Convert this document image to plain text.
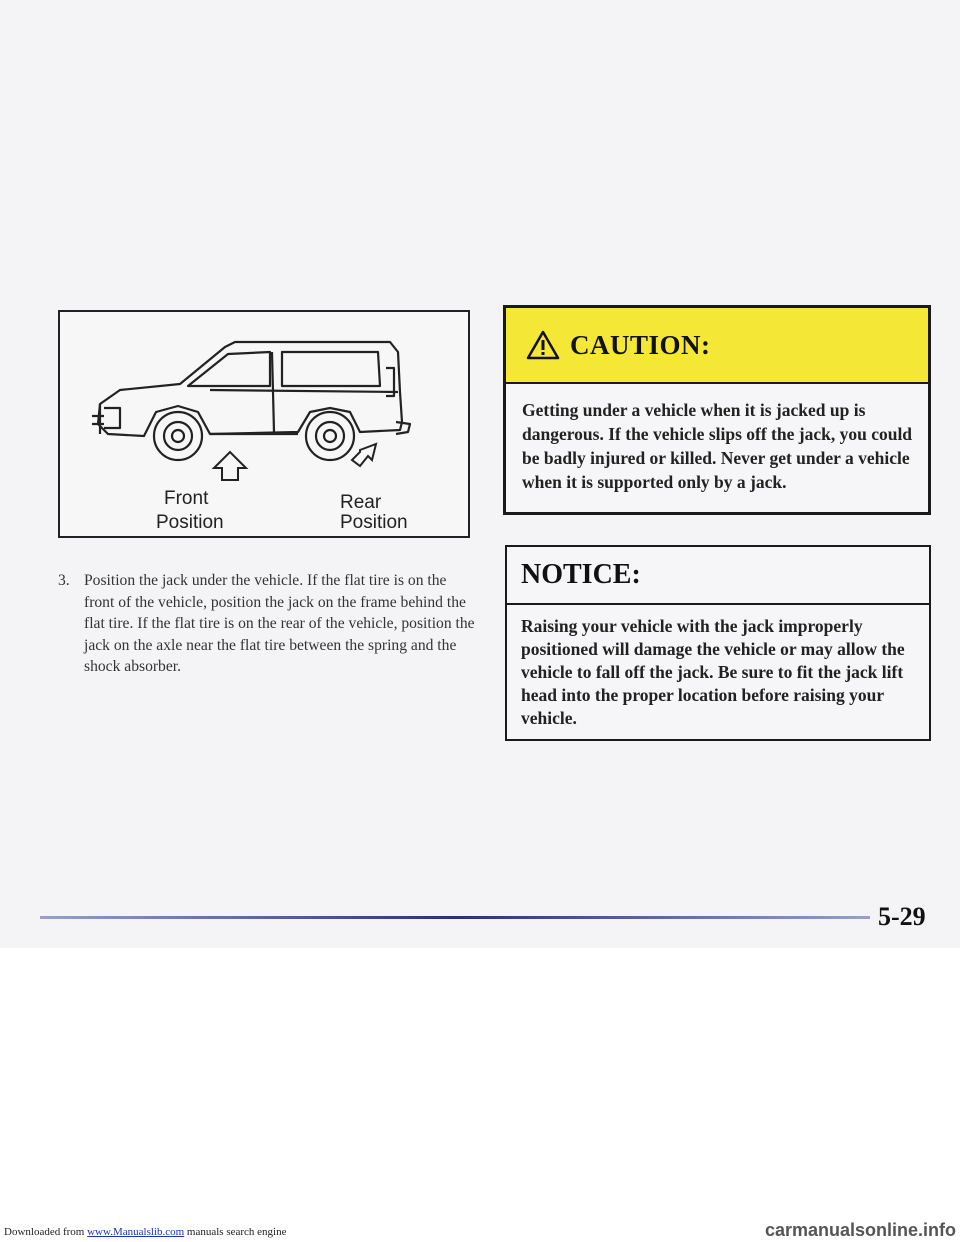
Front
Position
Rear
Position
3. Position the jack under the vehicle. If the flat tire is on the front of the vehicle, position the jack on the frame behind the flat tire. If the flat tire is on the rear of the vehicle, position the jack on the axle near the flat tire between the spring and the shock absorber.
CAUTION:
Getting under a vehicle when it is jacked up is dangerous. If the vehicle slips off the jack, you could be badly injured or killed. Never get under a vehicle when it is supported only by a jack.
NOTICE:
Raising your vehicle with the jack improperly positioned will damage the vehicle or may allow the vehicle to fall off the jack. Be sure to fit the jack lift head into the proper location before raising your vehicle.
5-29
Downloaded from www.Manualslib.com manuals search engine	carmanualsonline.info
